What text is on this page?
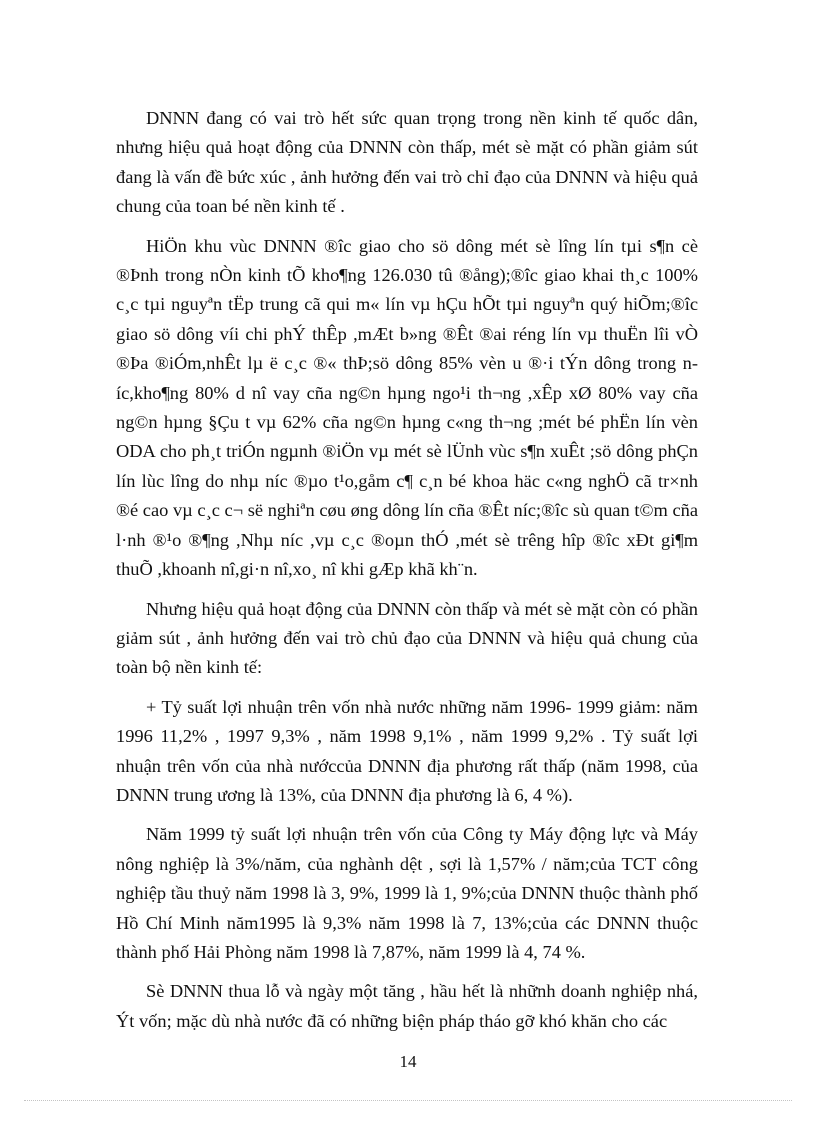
DNNN đang có vai trò hết sức quan trọng trong nền kinh tế quốc dân, nhưng hiệu quả hoạt động của DNNN còn thấp, mét sè mặt có phần giảm sút đang là vấn đề bức xúc , ảnh hưởng đến vai trò chỉ đạo của DNNN và hiệu quả chung của toan bé nền kinh tế .

HiÖn khu vùc DNNN ®îc giao cho sö dông mét sè lîng lín tµi s¶n cè ®Þnh trong nÒn kinh tÕ kho¶ng 126.030 tû ®ång);®îc giao khai th¸c 100% c¸c tµi nguyªn tËp trung cã qui m« lín vµ hÇu hÕt tµi nguyªn quý hiÕm;®îc giao sö dông víi chi phÝ thÊp ,mÆt b»ng ®Êt ®ai réng lín vµ thuËn lîi vÒ ®Þa ®iÓm,nhÊt lµ ë c¸c ®« thÞ;sö dông 85% vèn u ®·i tÝn dông trong níc,kho¶ng 80% d nî vay cña ng©n hµng ngo¹i th¬ng ,xÊp xØ 80% vay cña ng©n hµng §Çu t vµ 62% cña ng©n hµng c«ng th¬ng ;mét bé phËn lín vèn ODA cho ph¸t triÓn ngµnh ®iÖn vµ mét sè lÜnh vùc s¶n xuÊt ;sö dông phÇn lín lùc lîng do nhµ níc ®µo t¹o,gåm c¶ c¸n bé khoa häc c«ng nghÖ cã tr×nh ®é cao vµ c¸c c¬ së nghiªn cøu øng dông lín cña ®Êt níc;®îc sù quan t©m cña l·nh ®¹o ®¶ng ,Nhµ níc ,vµ c¸c ®oµn thÓ ,mét sè trêng hîp ®îc xÐt gi¶m thuÕ ,khoanh nî,gi·n nî,xo¸ nî khi gÆp khã kh¨n.

Nhưng hiệu quả hoạt động của DNNN còn thấp và mét sè mặt còn có phần giảm sút , ảnh hưởng đến vai trò chủ đạo của DNNN và hiệu quả chung của toàn bộ nền kinh tế:

+ Tỷ suất lợi nhuận trên vốn nhà nước những năm 1996- 1999 giảm: năm 1996 11,2% , 1997 9,3% , năm 1998 9,1% , năm 1999 9,2% . Tỷ suất lợi nhuận trên vốn của nhà nướccủa DNNN địa phương rất thấp (năm 1998, của DNNN trung ương là 13%, của DNNN địa phương là 6, 4 %).

Năm 1999 tỷ suất lợi nhuận trên vốn của Công ty Máy động lực và Máy nông nghiệp là 3%/năm, của nghành dệt , sợi là 1,57% / năm;của TCT công nghiệp tầu thuỷ năm 1998 là 3, 9%, 1999 là 1, 9%;của DNNN thuộc thành phố Hồ Chí Minh năm1995 là 9,3% năm 1998 là 7, 13%;của các DNNN thuộc thành phố Hải Phòng năm 1998 là 7,87%, năm 1999 là 4, 74 %.

Sè DNNN thua lỗ và ngày một tăng , hầu hết là nhữnh doanh nghiệp nhá, Ýt vốn; mặc dù nhà nước đã có những biện pháp tháo gỡ khó khăn cho các

14
